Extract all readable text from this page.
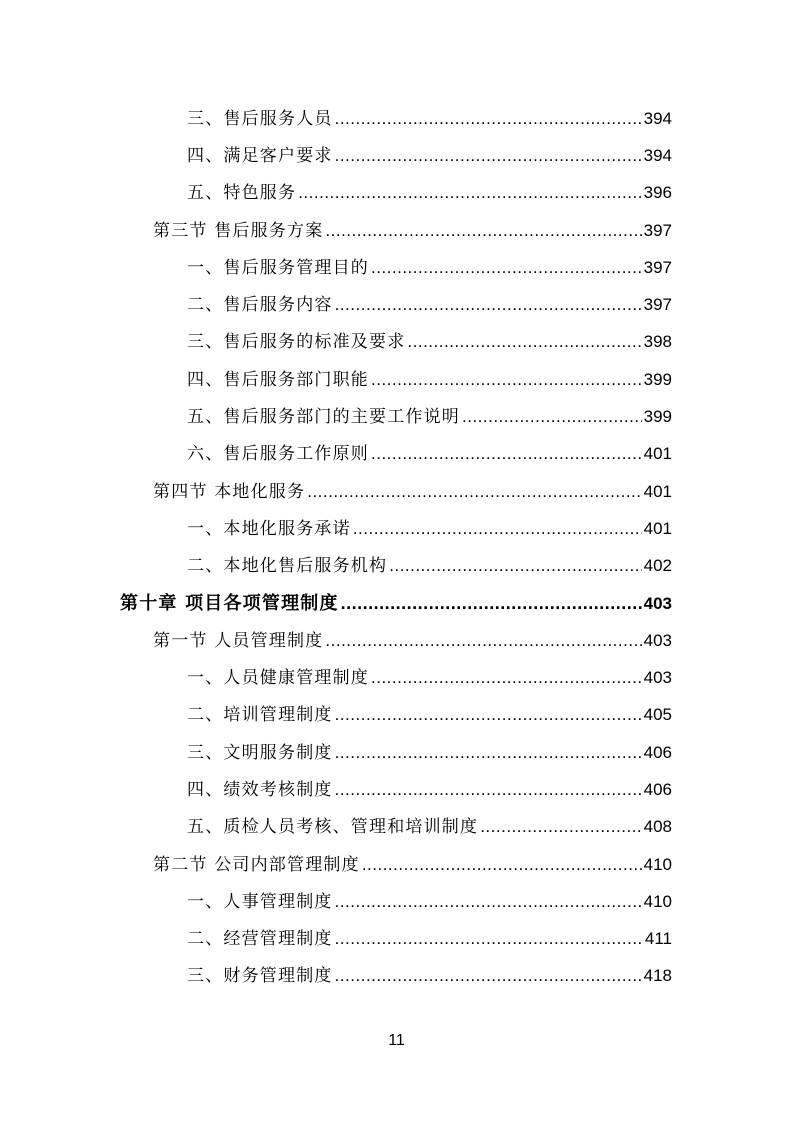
三、售后服务人员 .....	394
四、满足客户要求 .....	394
五、特色服务 .....	396
第三节 售后服务方案 .....	397
一、售后服务管理目的 .....	397
二、售后服务内容 .....	397
三、售后服务的标准及要求 .....	398
四、售后服务部门职能 .....	399
五、售后服务部门的主要工作说明 .....	399
六、售后服务工作原则 .....	401
第四节 本地化服务 .....	401
一、本地化服务承诺 .....	401
二、本地化售后服务机构 .....	402
第十章 项目各项管理制度 .....	403
第一节 人员管理制度 .....	403
一、人员健康管理制度 .....	403
二、培训管理制度 .....	405
三、文明服务制度 .....	406
四、绩效考核制度 .....	406
五、质检人员考核、管理和培训制度 .....	408
第二节 公司内部管理制度 .....	410
一、人事管理制度 .....	410
二、经营管理制度 .....	411
三、财务管理制度 .....	418
11
